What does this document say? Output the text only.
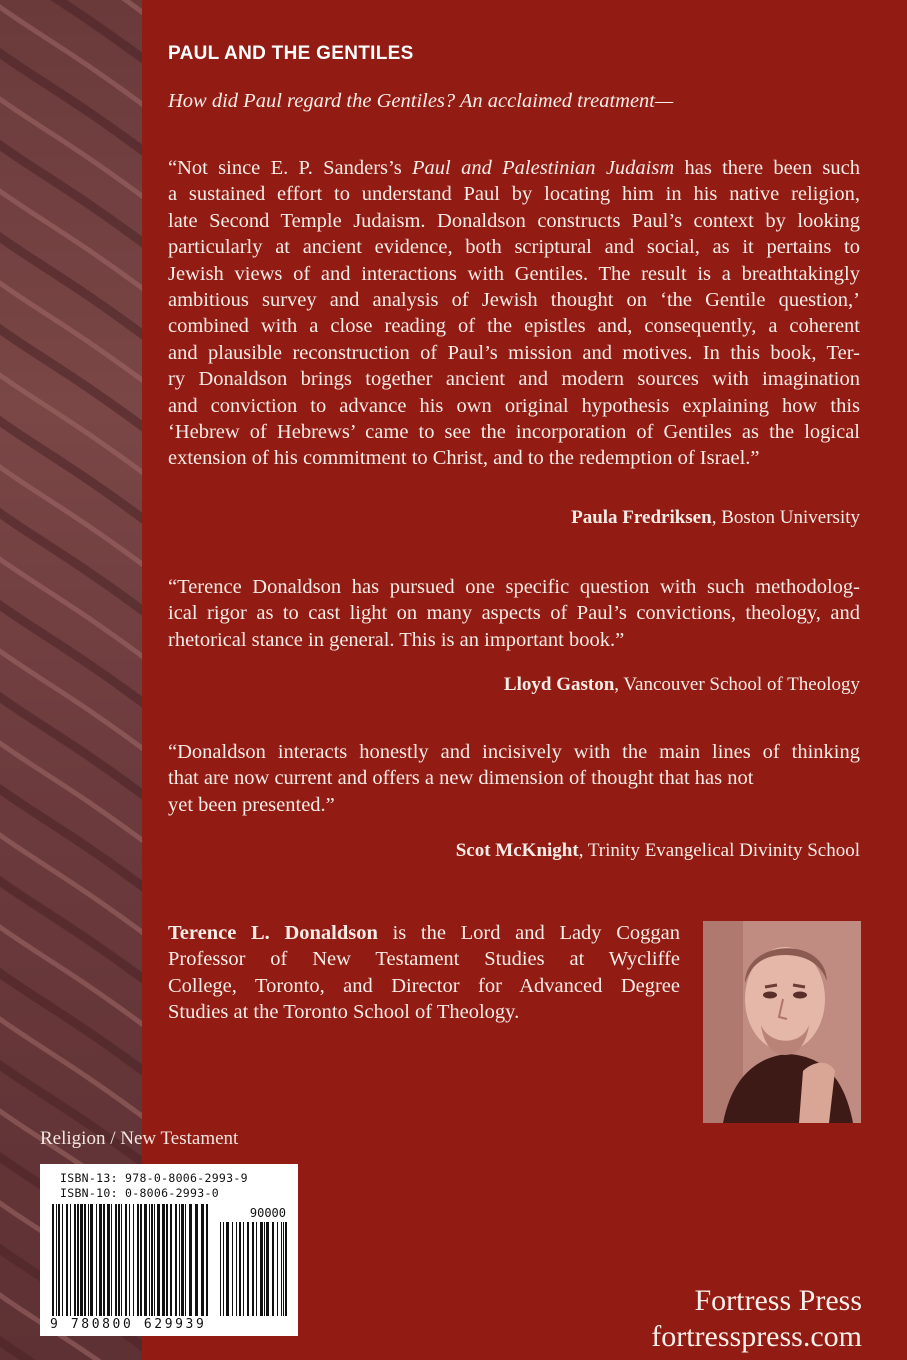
PAUL AND THE GENTILES

How did Paul regard the Gentiles? An acclaimed treatment—

“Not since E. P. Sanders’s Paul and Palestinian Judaism has there been such
a sustained effort to understand Paul by locating him in his native religion,
late Second Temple Judaism. Donaldson constructs Paul’s context by looking
particularly at ancient evidence, both scriptural and social, as it pertains to
Jewish views of and interactions with Gentiles. The result is a breathtakingly
ambitious survey and analysis of Jewish thought on ‘the Gentile question,’
combined with a close reading of the epistles and, consequently, a coherent
and plausible reconstruction of Paul’s mission and motives. In this book, Ter-
ry Donaldson brings together ancient and modern sources with imagination
and conviction to advance his own original hypothesis explaining how this
‘Hebrew of Hebrews’ came to see the incorporation of Gentiles as the logical
extension of his commitment to Christ, and to the redemption of Israel.”

Paula Fredriksen, Boston University

“Terence Donaldson has pursued one specific question with such methodolog-
ical rigor as to cast light on many aspects of Paul’s convictions, theology, and
rhetorical stance in general. This is an important book.”

Lloyd Gaston, Vancouver School of Theology

“Donaldson interacts honestly and incisively with the main lines of thinking
that are now current and offers a new dimension of thought that has not
yet been presented.”

Scot McKnight, Trinity Evangelical Divinity School

Terence L. Donaldson is the Lord and Lady Coggan
Professor of New Testament Studies at Wycliffe
College, Toronto, and Director for Advanced Degree
Studies at the Toronto School of Theology.

Religion / New Testament

ISBN-13: 978-0-8006-2993-9

ISBN-10: 0-8006-2993-0

90000

9 780800 629939

Fortress Press
fortresspress.com
